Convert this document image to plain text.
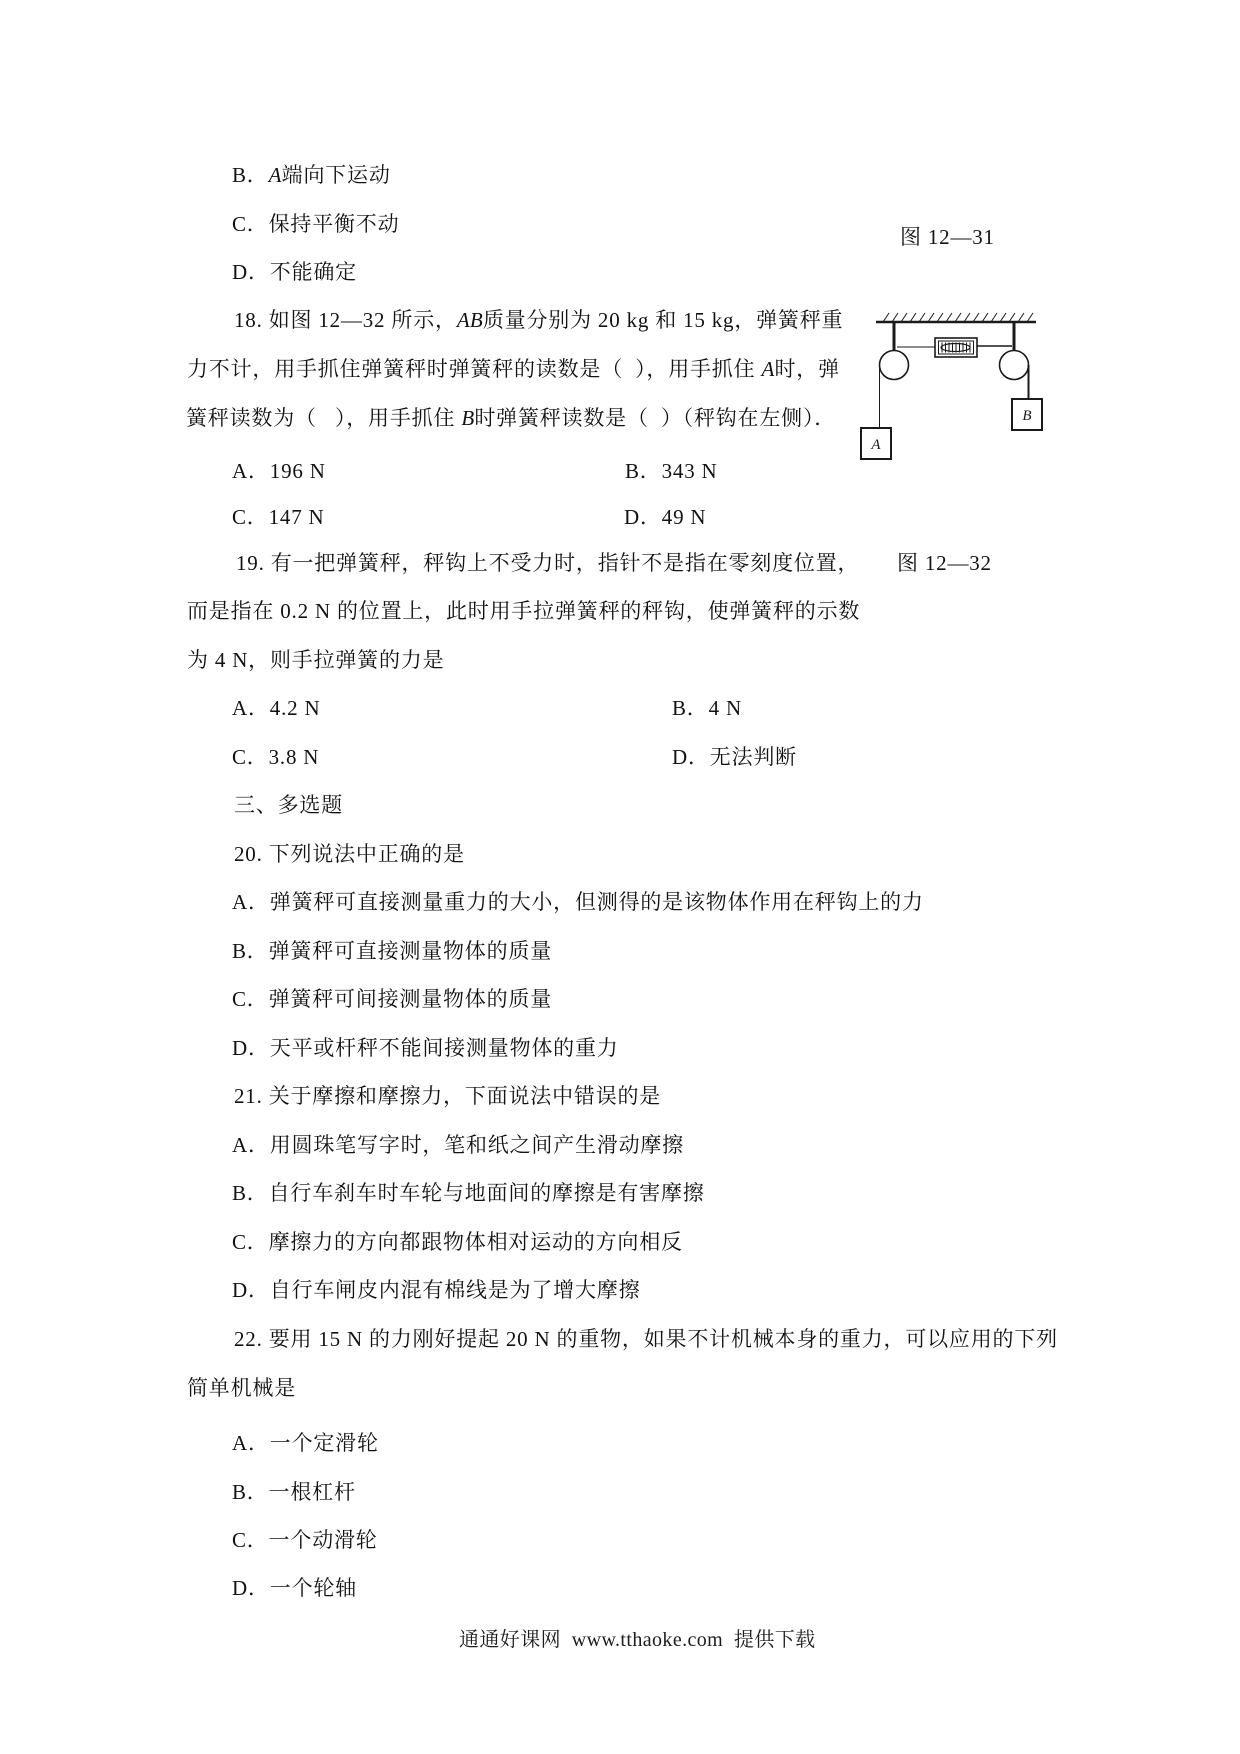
B．A端向下运动
C．保持平衡不动
图 12—31
D．不能确定
18. 如图 12—32 所示，AB质量分别为 20 kg 和 15 kg，弹簧秤重
力不计，用手抓住弹簧秤时弹簧秤的读数是（  ），用手抓住 A时，弹
簧秤读数为（   ），用手抓住 B时弹簧秤读数是（  ）（秤钩在左侧）．
A．196 N	B．343 N
C．147 N	D．49 N
19. 有一把弹簧秤，秤钩上不受力时，指针不是指在零刻度位置， 图 12—32
而是指在 0.2 N 的位置上，此时用手拉弹簧秤的秤钩，使弹簧秤的示数
为 4 N，则手拉弹簧的力是
A．4.2 N	B．4 N
C．3.8 N	D．无法判断
三、多选题
20. 下列说法中正确的是
A．弹簧秤可直接测量重力的大小，但测得的是该物体作用在秤钩上的力
B．弹簧秤可直接测量物体的质量
C．弹簧秤可间接测量物体的质量
D．天平或杆秤不能间接测量物体的重力
21. 关于摩擦和摩擦力，下面说法中错误的是
A．用圆珠笔写字时，笔和纸之间产生滑动摩擦
B．自行车刹车时车轮与地面间的摩擦是有害摩擦
C．摩擦力的方向都跟物体相对运动的方向相反
D．自行车闸皮内混有棉线是为了增大摩擦
22. 要用 15 N 的力刚好提起 20 N 的重物，如果不计机械本身的重力，可以应用的下列
简单机械是
A．一个定滑轮
B．一根杠杆
C．一个动滑轮
D．一个轮轴
通通好课网  www.tthaoke.com  提供下载
A
B
